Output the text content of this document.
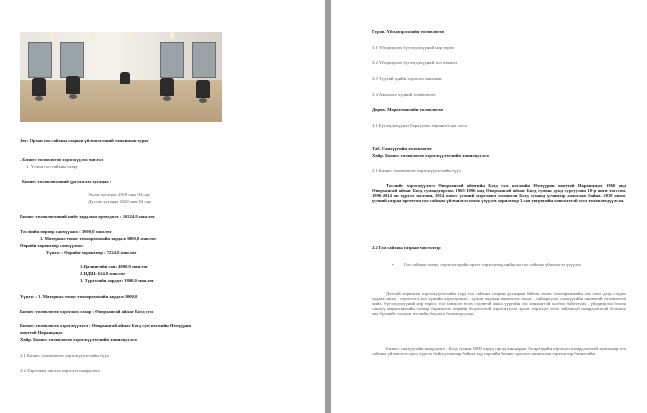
Зөг: Орхон гоо сайхны газрын үйлчилгээний танхимын зураг
. Бизнес төлөвлөгөө хэрэгжүүлэх чиглэл
1. Үсчин гоо сайхны газар
Бизнес төлөвлөгөөний үргэлжлэх хугацаа :
Эхлэх хугацаа: 2018 оны 04 сар
Дуусах хугацаа 2020 оны 04 сар
Бизнес төлөвлөгөөний нийт зардлын өртөгдөлт : 10224.0 мян.төг
Төсліийн өөрөөр санхүүжих : 3000,0 мян.төг
1. Материал тоног төхөөрөмжийн зардал:3000,0 мян.төг
Өөрийн хөрөнгөөр санхүүжих:
Үүнээс : Өөрийн хөрөнгөөр : 7224.0 мян.төг
1.Цалингийн сан: 4800.0 мян.төг
2.НДШ: 624.0 мян.төг
3. Түрээсийн зардал: 1800.0 мян.төг
Үүнээс : 1. Материал тоног төхөөрөмжийн зардал:3000,0
Бизнес төлөвлөгөө хэрэгжих газар : Өвөрхангай аймаг Богд сум
Бизнес төлөвлөгөө хэрэгжүүлэгч : Өвөрхангай аймаг Богд сум нэгжийн Нэмүүрин
оноттой Наранцэцэг.
Хөйр. Бизнес төлөвлөгөө хэрэгжүүлэгчийн танилцуулга
2.1 Бизнес төлөвлөгөө хэрэгжүүлэгчийн түүх
2.2 Хэрэгжих чиглэл,хэрэглээ шаардлага
Гурав. Үйлдвэрлэлийн төлөвлөгөө
3.1 Үйлдвэрлэх бүтээгдэхүүний нэр төрөл
3.2 Үйлдвэрлэх бүтээгдэхүүний тоо хэмжээ
3.3 Түүхий эдийн хэрэглээ хангамж
3.4 Ажиллах хүчний төлөвлөгөө
Дөрөв. Маркетингийн төлөвлөгөө
4.1 Бүтээгдэхүүнээ борлуулах хөрөнгөт цаг хэлл
Таб. Санхүүгийн төлөвлөгөө
Хөйр. Бизнес төлөвлөгөө хэрэгжүүлэгчийн танилцуулга
2.1 Бизнес төлөвлөгөө хэрэгжүүлэгчийн түүх
Төслийг хэрэгжүүлэгч Өвөрхангай аймгийн Богд сум нэгжийн Нэмүүрин оноттой Наранцэцэг 1960 онд Өвөрхангай аймаг Богд сумандтөрсөн. 1965-1996 онд Өвөрхангай аймаг Богд сумын дунд сургуулин 10-р анги төгссөн. 1996-2014 он хүртэл малчин, 2014 оноос үсчний мэргэжил эзэмшсэн Богд суманд үсчинээр ажиллаж байна. 2018 оноос үсчний газраа өргөтгөн гоо сайхны үйлчилгээ нэмж үзүүлэх зорилгоор 3 сая төгрөгийн хөнгөлттэй зээл төлөвлөгдүүлсэн.
2.2 Гоо сайхны газрын чиглэлээр
• Гоо сайхны газар- хэрэглэгчдийн эрэлт хэрэгцээнд нийцсэн гоо сайхны үйлчилгээ үзүүлэх
Дэлхий хөрөнгөө хэрэгжүүлэгчийн тэрд гоо сайхны газрын дугаараж байгаа тоног төхөөрөмжийн хэх хахх дээр сэудах худаах ажил , хэрэглэгч хах хүнийн хэрэгцээнээ , хүчин чадлын шинэчлэх тоног , сайжруулж, санхүүгийн оновчтой төлөвлөгөө хийх, бүтээгдэхүүний нэр төрөл, тоо хэмжээг өсөх сэдэвтэй ажил үүргийн зэх хөнжигтэй холбоо байгуулах , үйлдвэрлэл болон санхүү маркетингийн талаар бэримтлэх өөрийн бодлоготой хэрэгжүүлэх эрэлт хэрэгцээ өсөх зайлшгүй шаардлагатай болсноо энэ бүхнийг тооцож төслийн бодлого боловсруулна.
Бизнес санхүүгийн шаардлага : Богд сумын 5000 хэрүү иргэд амьдардаг ба иргэдийн хэрэгцээ шаардлагатай хангахаар гоо сайхны үйлчилгээ одоо хүртэл байгууллагаар байгаа хэд төрлийн бизнес эрхлэгч шинэчлэн зэрэгцсээр бизнесийн
